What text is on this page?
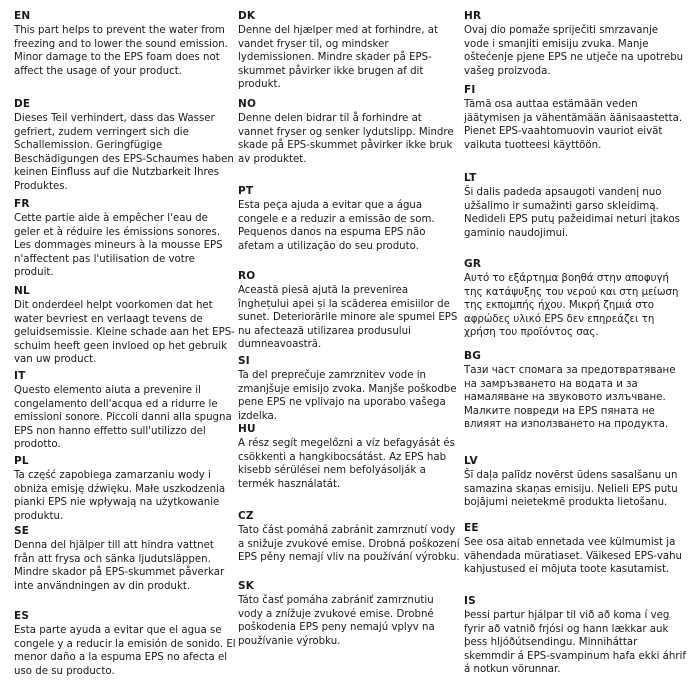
EN

This part helps to prevent the water from freezing and to lower the sound emission. Minor damage to the EPS foam does not affect the usage of your product.

DE

Dieses Teil verhindert, dass das Wasser gefriert, zudem verringert sich die Schallemission. Geringfügige Beschädigungen des EPS-Schaumes haben keinen Einfluss auf die Nutzbarkeit Ihres Produktes.

FR

Cette partie aide à empêcher l'eau de geler et à réduire les émissions sonores. Les dommages mineurs à la mousse EPS n'affectent pas l'utilisation de votre produit.

NL

Dit onderdeel helpt voorkomen dat het water bevriest en verlaagt tevens de geluidsemissie. Kleine schade aan het EPS-schuim heeft geen invloed op het gebruik van uw product.

IT

Questo elemento aiuta a prevenire il congelamento dell'acqua ed a ridurre le emissioni sonore. Piccoli danni alla spugna EPS non hanno effetto sull'utilizzo del prodotto.

PL

Ta część zapobiega zamarzaniu wody i obniża emisję dźwięku. Małe uszkodzenia pianki EPS nie wpływają na użytkowanie produktu.

SE

Denna del hjälper till att hindra vattnet från att frysa och sänka ljudutsläppen. Mindre skador på EPS-skummet påverkar inte användningen av din produkt.

ES

Esta parte ayuda a evitar que el agua se congele y a reducir la emisión de sonido. El menor daño a la espuma EPS no afecta el uso de su producto.

DK

Denne del hjælper med at forhindre, at vandet fryser til, og mindsker lydemissionen. Mindre skader på EPS-skummet påvirker ikke brugen af dit produkt.

NO

Denne delen bidrar til å forhindre at vannet fryser og senker lydutslipp. Mindre skade på EPS-skummet påvirker ikke bruk av produktet.

PT

Esta peça ajuda a evitar que a água congele e a reduzir a emissão de som. Pequenos danos na espuma EPS não afetam a utilização do seu produto.

RO

Această piesă ajută la prevenirea înghețului apei și la scăderea emisiilor de sunet. Deteriorările minore ale spumei EPS nu afectează utilizarea produsului dumneavoastră.

SI

Ta del preprečuje zamrznitev vode in zmanjšuje emisijo zvoka. Manjše poškodbe pene EPS ne vplivajo na uporabo vašega izdelka.

HU

A rész segít megelőzni a víz befagyását és csökkenti a hangkibocsátást. Az EPS hab kisebb sérülései nem befolyásolják a termék használatát.

CZ

Tato část pomáhá zabránit zamrznutí vody a snižuje zvukové emise. Drobná poškození EPS pěny nemají vliv na používání výrobku.

SK

Táto časť pomáha zabrániť zamrznutiu vody a znížuje zvukové emise. Drobné poškodenia EPS peny nemajú vplyv na používanie výrobku.

HR

Ovaj dio pomaže spriječiti smrzavanje vode i smanjiti emisiju zvuka. Manje oštećenje pjene EPS ne utječe na upotrebu vašeg proizvoda.

FI

Tämä osa auttaa estämään veden jäätymisen ja vähentämään äänisaastetta. Pienet EPS-vaahtomuovin vauriot eivät vaikuta tuotteesi käyttöön.

LT

Ši dalis padeda apsaugoti vandenį nuo užšalimo ir sumažinti garso skleidimą. Nedideli EPS putų pažeidimai neturi įtakos gaminio naudojimui.

GR

Αυτό το εξάρτημα βοηθά στην αποφυγή της κατάψυξης του νερού και στη μείωση της εκπομπής ήχου. Μικρή ζημιά στο αφρώδες υλικό EPS δεν επηρεάζει τη χρήση του προϊόντος σας.

BG

Тази част спомага за предотвратяване на замръзването на водата и за намаляване на звуковото излъчване. Малките повреди на EPS пяната не влияят на използването на продукта.

LV

Šī daļa palīdz novērst ūdens sasalšanu un samazina skaņas emisiju. Nelieli EPS putu bojājumi neietekmē produkta lietošanu.

EE

See osa aitab ennetada vee külmumist ja vähendada müratiaset. Väikesed EPS-vahu kahjustused ei mõjuta toote kasutamist.

IS

Þessi partur hjálpar til við að koma í veg fyrir að vatnið frjósi og hann lækkar auk þess hljóðútsendingu. Minniháttar skemmdir á EPS-svampinum hafa ekki áhrif á notkun vörunnar.
